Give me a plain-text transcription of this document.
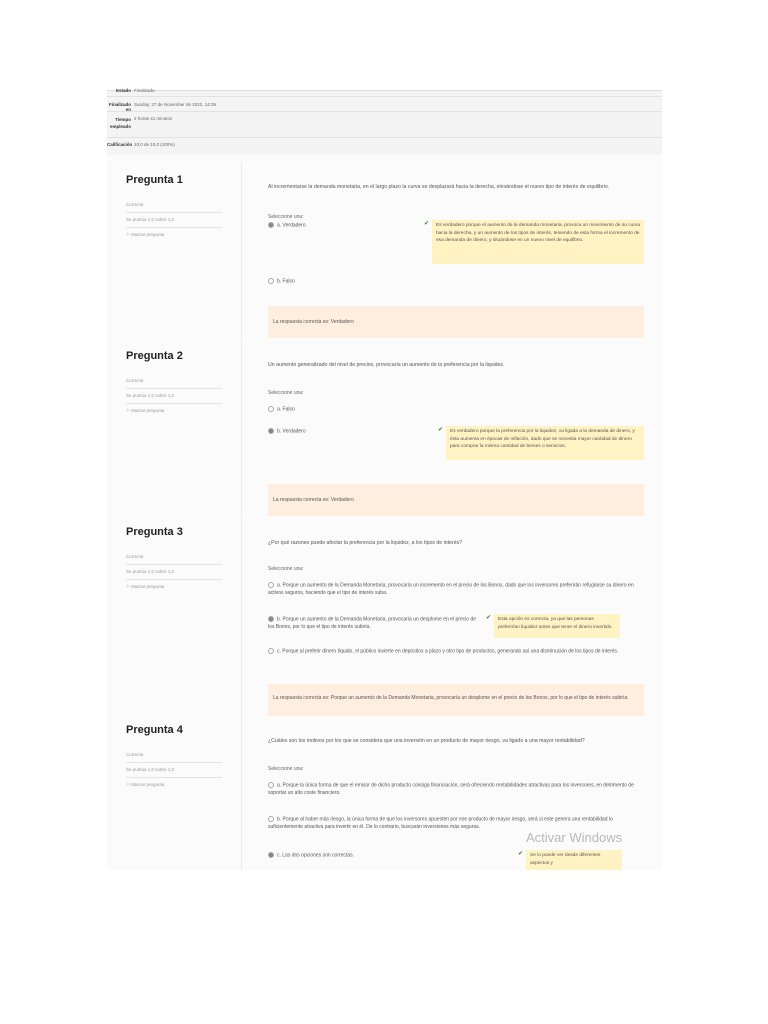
Estado Finalizado
Finalizado en
Sunday, 27 de November de 2022, 14:39
Tiempo empleado
2 horas 41 minutos
Calificación 10,0 de 10,0 (100%)
Pregunta 1
Correcta
Se puntúa 1,0 sobre 1,0
⚐ Marcar pregunta
Al incrementarse la demanda monetaria, en el largo plazo la curva se desplazará hacia la derecha, elevándose el nuevo tipo de interés de equilibrio.
Seleccione una:
a. Verdadero	✔	Es verdadero porque el aumento de la demanda monetaria, provoca un movimiento de su curva hacia la derecha, y un aumento de los tipos de interés, teniendo de esta forma el incremento de esa demanda de dinero, y situándose en un nuevo nivel de equilibrio.
b. Falso
La respuesta correcta es: Verdadero
Pregunta 2
Correcta
Se puntúa 1,0 sobre 1,0
⚐ Marcar pregunta
Un aumento generalizado del nivel de precios, provocaría un aumento de la preferencia por la liquidez.
Seleccione una:
a. Falso
b. Verdadero	✔	Es verdadero porque la preferencia por la liquidez, va ligada a la demanda de dinero, y ésta aumenta en épocas de inflación, dado que se necesita mayor cantidad de dinero para comprar la misma cantidad de bienes o servicios.
La respuesta correcta es: Verdadero
Pregunta 3
Correcta
Se puntúa 1,0 sobre 1,0
⚐ Marcar pregunta
¿Por qué razones puede afectar la preferencia por la liquidez, a los tipos de interés?
Seleccione una:
a. Porque un aumento de la Demanda Monetaria, provocaría un incremento en el precio de los Bonos, dado que los inversores preferirán refugiarse su dinero en activos seguros, haciendo que el tipo de interés suba.
b. Porque un aumento de la Demanda Monetaria, provocaría un desplome en el precio de los Bonos, por lo que el tipo de interés subiría.
✔	Esta opción es correcta, ya que las personas preferirían liquidez antes que tener el dinero invertido.
c. Porque al preferir dinero líquido, el público invierte en depósitos a plazo y otro tipo de productos, generando así una disminución de los tipos de interés.
La respuesta correcta es: Porque un aumento de la Demanda Monetaria, provocaría un desplome en el precio de los Bonos, por lo que el tipo de interés subiría.
Pregunta 4
Correcta
Se puntúa 1,0 sobre 1,0
⚐ Marcar pregunta
¿Cuáles son los motivos por los que se considera que una inversión en un producto de mayor riesgo, va ligado a una mayor rentabilidad?
Seleccione una:
a. Porque la única forma de que el emisor de dicho producto consiga financiación, será ofreciendo rentabilidades atractivas para los inversores, en detrimento de soportar un alto coste financiero.
b. Porque al haber más riesgo, la única forma de que los inversores apuesten por ese producto de mayor riesgo, será si este genera una rentabilidad lo suficientemente atractiva para invertir en él. De lo contrario, buscarán inversiones más seguras.
c. Las dos opciones son correctas.	✔	Se lo puede ver desde diferentes aspectos y
Activar Windows
